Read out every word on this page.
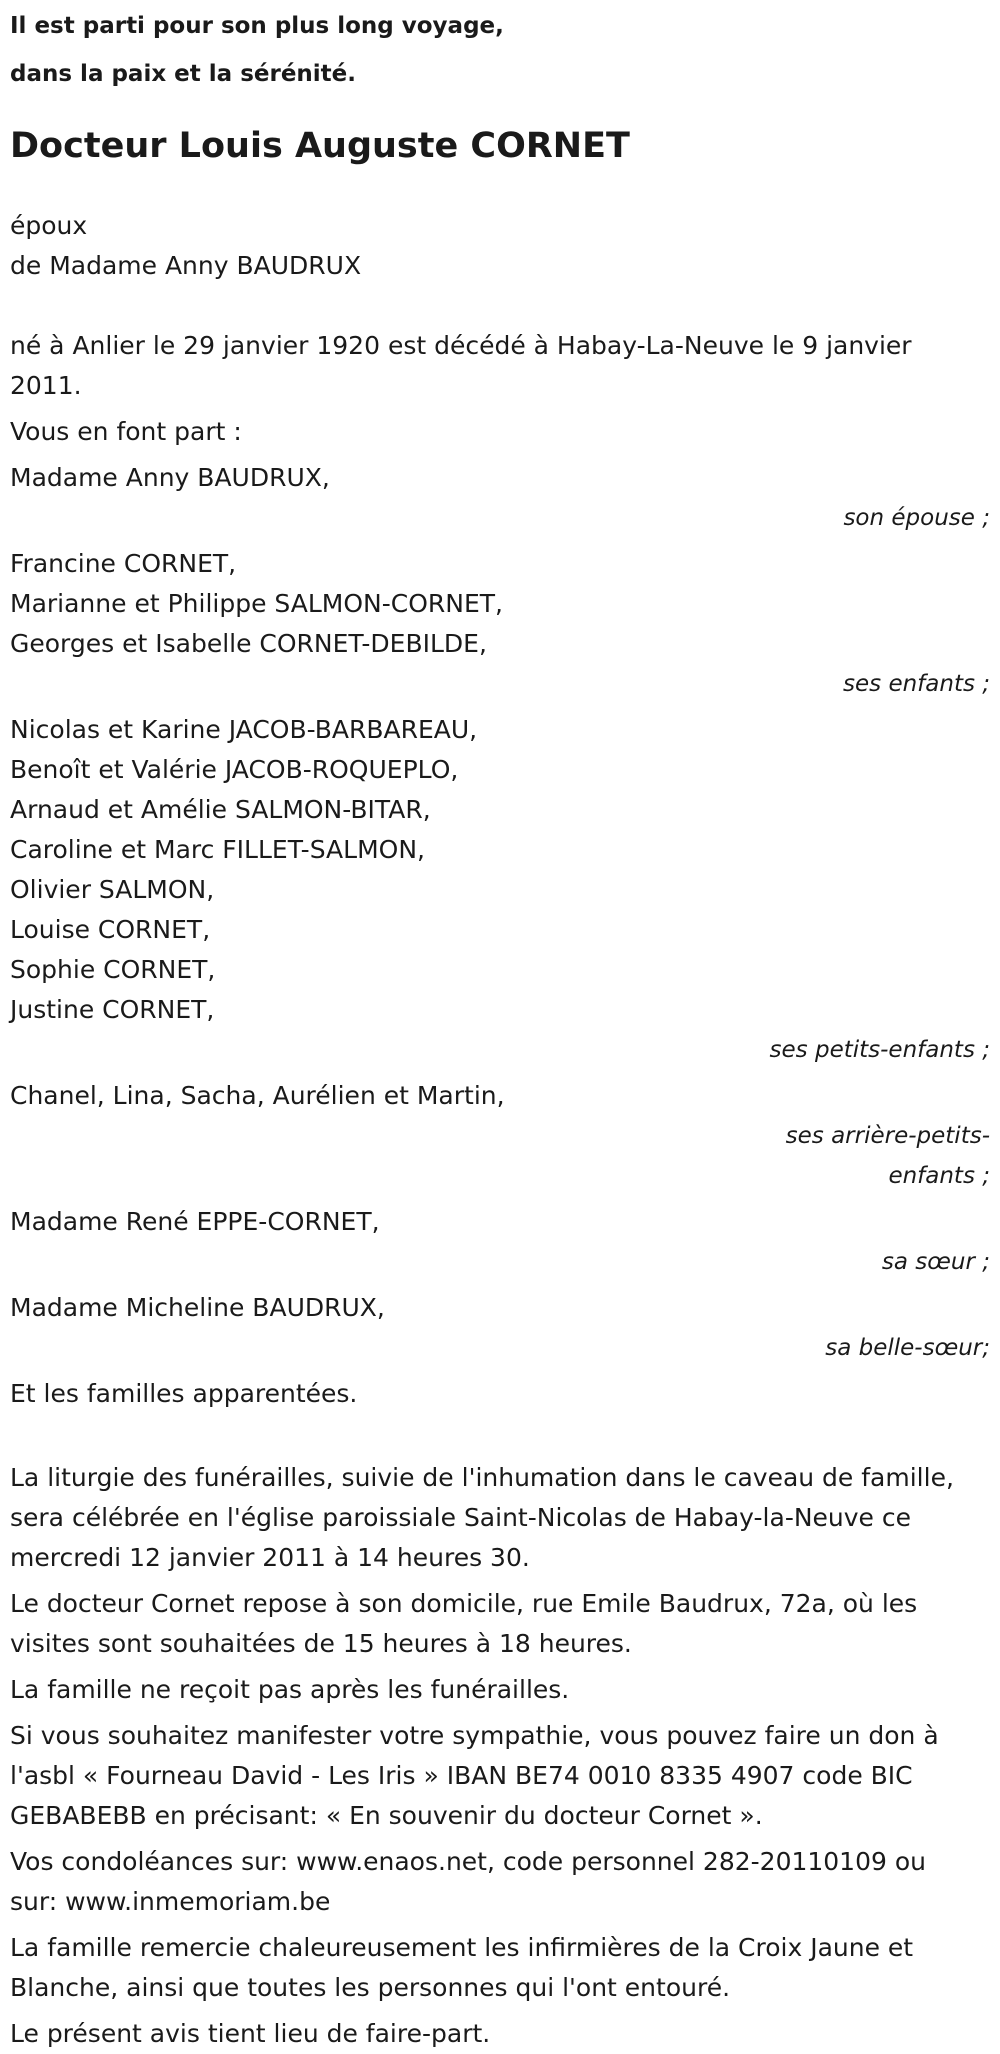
Il est parti pour son plus long voyage,
dans la paix et la sérénité.
Docteur Louis Auguste CORNET
époux
de Madame Anny BAUDRUX
né à Anlier le 29 janvier 1920 est décédé à Habay-La-Neuve le 9 janvier 2011.
Vous en font part :
Madame Anny BAUDRUX,
son épouse ;
Francine CORNET,
Marianne et Philippe SALMON-CORNET,
Georges et Isabelle CORNET-DEBILDE,
ses enfants ;
Nicolas et Karine JACOB-BARBAREAU,
Benoît et Valérie JACOB-ROQUEPLO,
Arnaud et Amélie SALMON-BITAR,
Caroline et Marc FILLET-SALMON,
Olivier SALMON,
Louise CORNET,
Sophie CORNET,
Justine CORNET,
ses petits-enfants ;
Chanel, Lina, Sacha, Aurélien et Martin,
ses arrière-petits-enfants ;
Madame René EPPE-CORNET,
sa sœur ;
Madame Micheline BAUDRUX,
sa belle-sœur;
Et les familles apparentées.
La liturgie des funérailles, suivie de l'inhumation dans le caveau de famille, sera célébrée en l'église paroissiale Saint-Nicolas de Habay-la-Neuve ce mercredi 12 janvier 2011 à 14 heures 30.
Le docteur Cornet repose à son domicile, rue Emile Baudrux, 72a, où les visites sont souhaitées de 15 heures à 18 heures.
La famille ne reçoit pas après les funérailles.
Si vous souhaitez manifester votre sympathie, vous pouvez faire un don à l'asbl « Fourneau David - Les Iris » IBAN BE74 0010 8335 4907 code BIC GEBABEBB en précisant: « En souvenir du docteur Cornet ».
Vos condoléances sur: www.enaos.net, code personnel 282-20110109 ou sur: www.inmemoriam.be
La famille remercie chaleureusement les infirmières de la Croix Jaune et Blanche, ainsi que toutes les personnes qui l'ont entouré.
Le présent avis tient lieu de faire-part.
